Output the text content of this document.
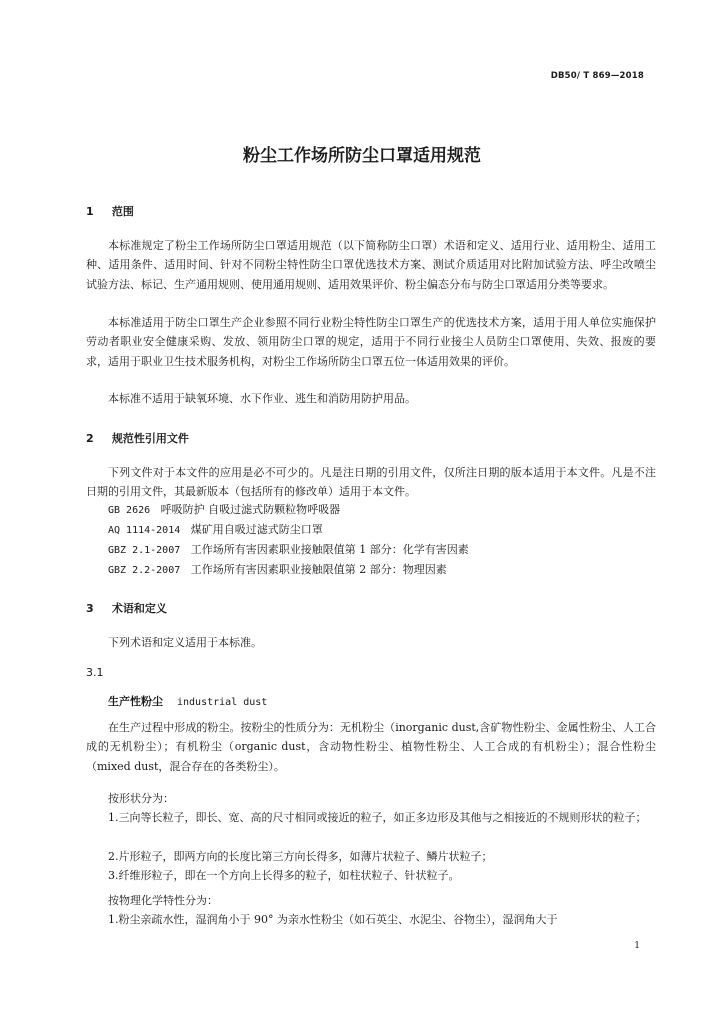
DB50/ T 869—2018
粉尘工作场所防尘口罩适用规范
1 范围
本标准规定了粉尘工作场所防尘口罩适用规范（以下简称防尘口罩）术语和定义、适用行业、适用粉尘、适用工种、适用条件、适用时间、针对不同粉尘特性防尘口罩优选技术方案、测试介质适用对比附加试验方法、呼尘改喷尘试验方法、标记、生产通用规则、使用通用规则、适用效果评价、粉尘偏态分布与防尘口罩适用分类等要求。
本标准适用于防尘口罩生产企业参照不同行业粉尘特性防尘口罩生产的优选技术方案，适用于用人单位实施保护劳动者职业安全健康采购、发放、领用防尘口罩的规定，适用于不同行业接尘人员防尘口罩使用、失效、报废的要求，适用于职业卫生技术服务机构，对粉尘工作场所防尘口罩五位一体适用效果的评价。
本标准不适用于缺氧环境、水下作业、逃生和消防用防护用品。
2 规范性引用文件
下列文件对于本文件的应用是必不可少的。凡是注日期的引用文件，仅所注日期的版本适用于本文件。凡是不注日期的引用文件，其最新版本（包括所有的修改单）适用于本文件。
GB 2626 呼吸防护 自吸过滤式防颗粒物呼吸器
AQ 1114-2014 煤矿用自吸过滤式防尘口罩
GBZ 2.1-2007 工作场所有害因素职业接触限值第 1 部分：化学有害因素
GBZ 2.2-2007 工作场所有害因素职业接触限值第 2 部分：物理因素
3 术语和定义
下列术语和定义适用于本标准。
3.1
生产性粉尘 industrial dust
在生产过程中形成的粉尘。按粉尘的性质分为：无机粉尘（inorganic dust,含矿物性粉尘、金属性粉尘、人工合成的无机粉尘）；有机粉尘（organic dust，含动物性粉尘、植物性粉尘、人工合成的有机粉尘）；混合性粉尘（mixed dust，混合存在的各类粉尘）。
按形状分为：
1.三向等长粒子，即长、宽、高的尺寸相同或接近的粒子，如正多边形及其他与之相接近的不规则形状的粒子；
2.片形粒子，即两方向的长度比第三方向长得多，如薄片状粒子、鳞片状粒子；
3.纤维形粒子，即在一个方向上长得多的粒子，如柱状粒子、针状粒子。
按物理化学特性分为：
1.粉尘亲疏水性，湿润角小于 90° 为亲水性粉尘（如石英尘、水泥尘、谷物尘），湿润角大于
1
